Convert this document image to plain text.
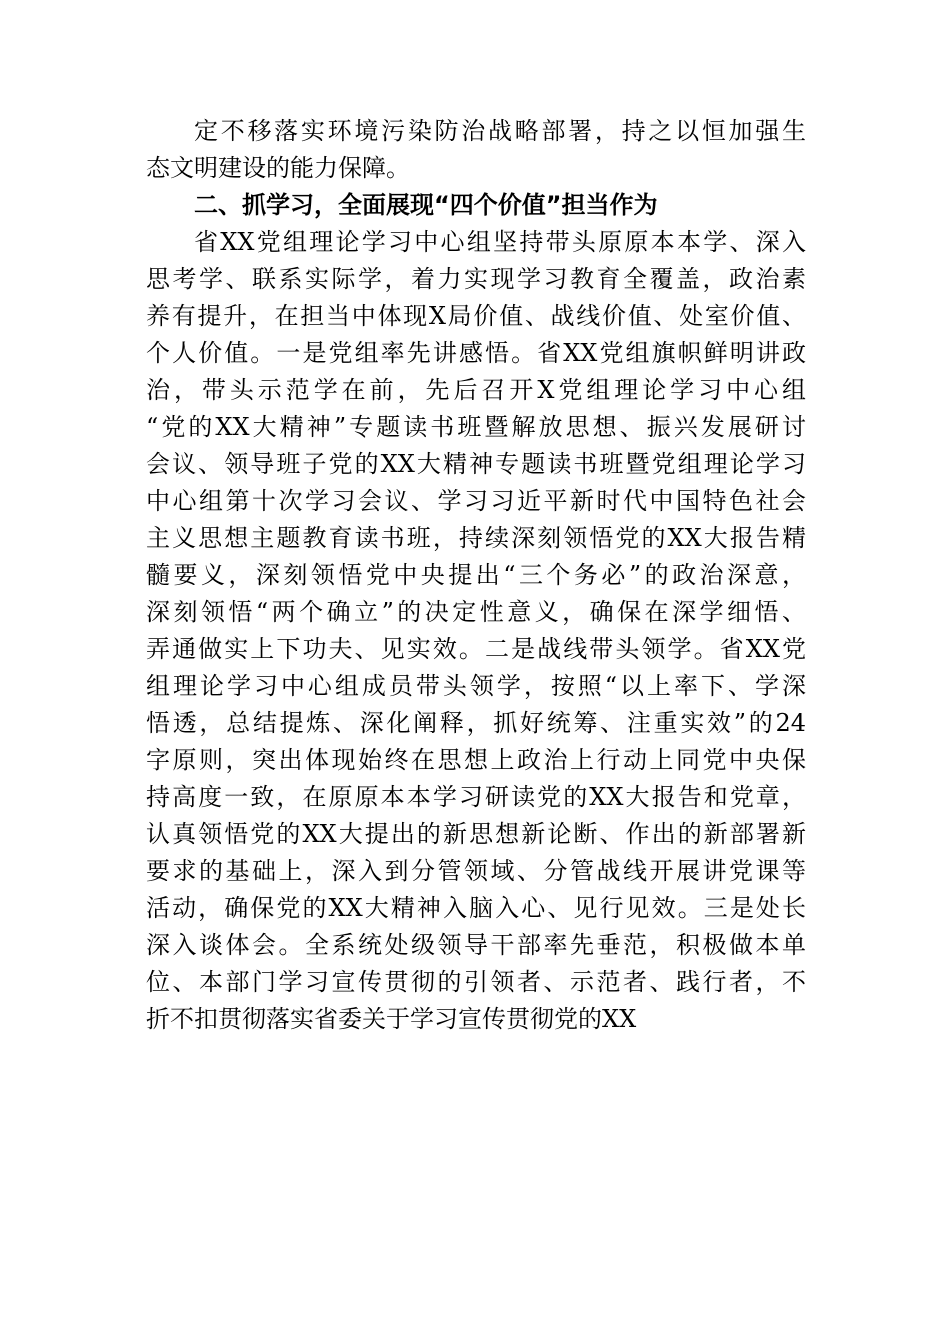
定不移落实环境污染防治战略部署，持之以恒加强生
态文明建设的能力保障。
二、抓学习，全面展现“四个价值”担当作为
省XX党组理论学习中心组坚持带头原原本本学、深入
思考学、联系实际学，着力实现学习教育全覆盖，政治素
养有提升，在担当中体现X局价值、战线价值、处室价值、
个人价值。一是党组率先讲感悟。省XX党组旗帜鲜明讲政
治，带头示范学在前，先后召开X党组理论学习中心组
“党的XX大精神”专题读书班暨解放思想、振兴发展研讨
会议、领导班子党的XX大精神专题读书班暨党组理论学习
中心组第十次学习会议、学习习近平新时代中国特色社会
主义思想主题教育读书班，持续深刻领悟党的XX大报告精
髓要义，深刻领悟党中央提出“三个务必”的政治深意，
深刻领悟“两个确立”的决定性意义，确保在深学细悟、
弄通做实上下功夫、见实效。二是战线带头领学。省XX党
组理论学习中心组成员带头领学，按照“以上率下、学深
悟透，总结提炼、深化阐释，抓好统筹、注重实效”的24
字原则，突出体现始终在思想上政治上行动上同党中央保
持高度一致，在原原本本学习研读党的XX大报告和党章，
认真领悟党的XX大提出的新思想新论断、作出的新部署新
要求的基础上，深入到分管领域、分管战线开展讲党课等
活动，确保党的XX大精神入脑入心、见行见效。三是处长
深入谈体会。全系统处级领导干部率先垂范，积极做本单
位、本部门学习宣传贯彻的引领者、示范者、践行者，不
折不扣贯彻落实省委关于学习宣传贯彻党的XX
